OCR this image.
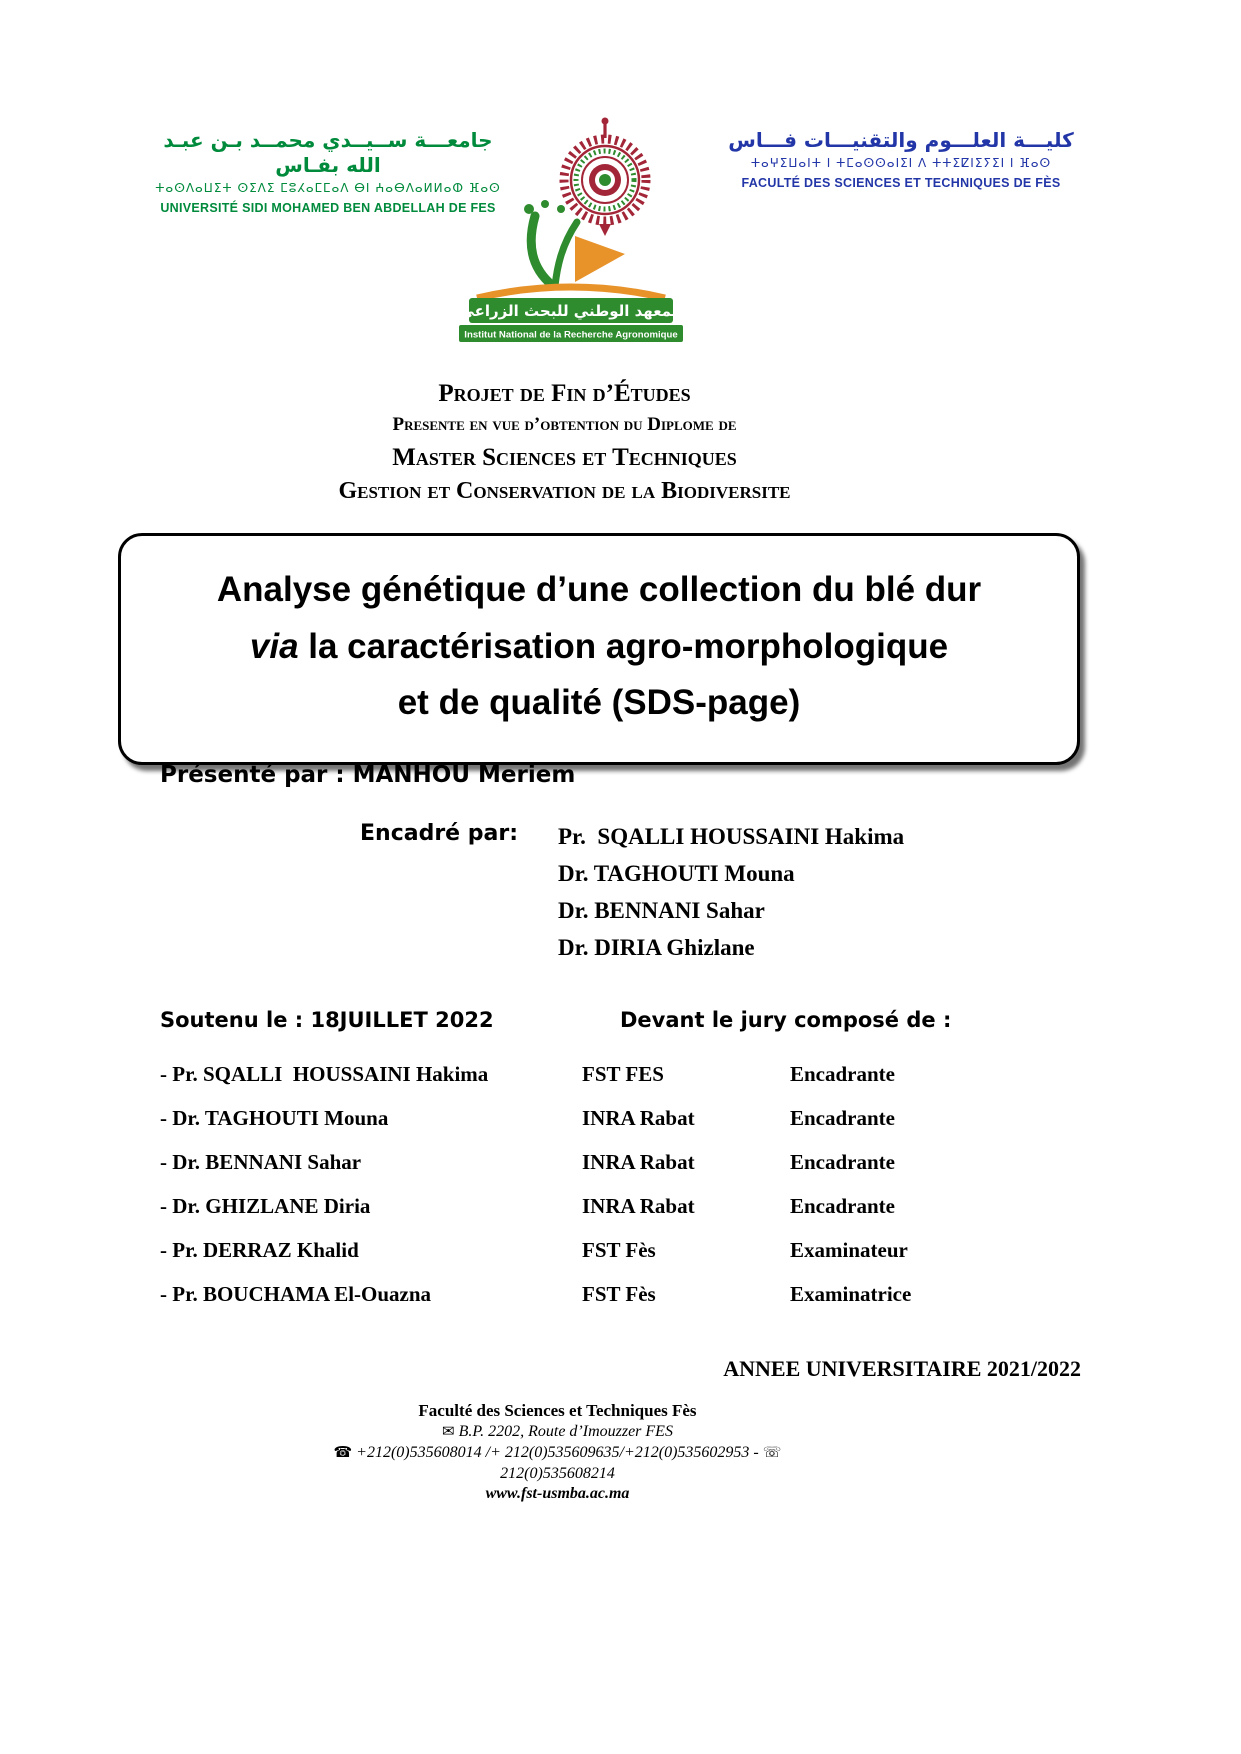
جامعـــة ســيــدي محمــد بـن عبـد الله بفـاس
ⵜⴰⵙⴷⴰⵡⵉⵜ ⵙⵉⴷⵉ ⵎⵓⵃⴰⵎⵎⴰⴷ ⴱⵏ ⵄⴰⴱⴷⴰⵍⵍⴰⵀ ⴼⴰⵙ
UNIVERSITÉ SIDI MOHAMED BEN ABDELLAH DE FES
كليـــة العلـــوم والتقنيـــات فـــاس
ⵜⴰⵖⵉⵡⴰⵏⵜ ⵏ ⵜⵎⴰⵙⵙⴰⵏⵉⵏ ⴷ ⵜⵜⵉⵇⵏⵉⵢⵉⵏ ⵏ ⴼⴰⵙ
FACULTÉ DES SCIENCES ET TECHNIQUES DE FÈS
المعهد الوطني للبحث الزراعي
Institut National de la Recherche Agronomique
Projet de Fin d’Études
Presente en vue d’obtention du Diplome de
Master Sciences et Techniques
Gestion et Conservation de la Biodiversite
Analyse génétique d’une collection du blé dur
via la caractérisation agro-morphologique
et de qualité (SDS-page)
Présenté par : MANHOU Meriem
Encadré par:	Pr.  SQALLI HOUSSAINI Hakima
Dr. TAGHOUTI Mouna
Dr. BENNANI Sahar
Dr. DIRIA Ghizlane
Soutenu le : 18JUILLET 2022	Devant le jury composé de :
- Pr. SQALLI  HOUSSAINI Hakima	FST FES	Encadrante
- Dr. TAGHOUTI Mouna	INRA Rabat	Encadrante
- Dr. BENNANI Sahar	INRA Rabat	Encadrante
- Dr. GHIZLANE Diria	INRA Rabat	Encadrante
- Pr. DERRAZ Khalid	FST Fès	Examinateur
- Pr. BOUCHAMA El-Ouazna	FST Fès	Examinatrice
ANNEE UNIVERSITAIRE 2021/2022
Faculté des Sciences et Techniques Fès
✉ B.P. 2202, Route d’Imouzzer FES
☎ +212(0)535608014 /+ 212(0)535609635/+212(0)535602953 - ☏
212(0)535608214
www.fst-usmba.ac.ma
